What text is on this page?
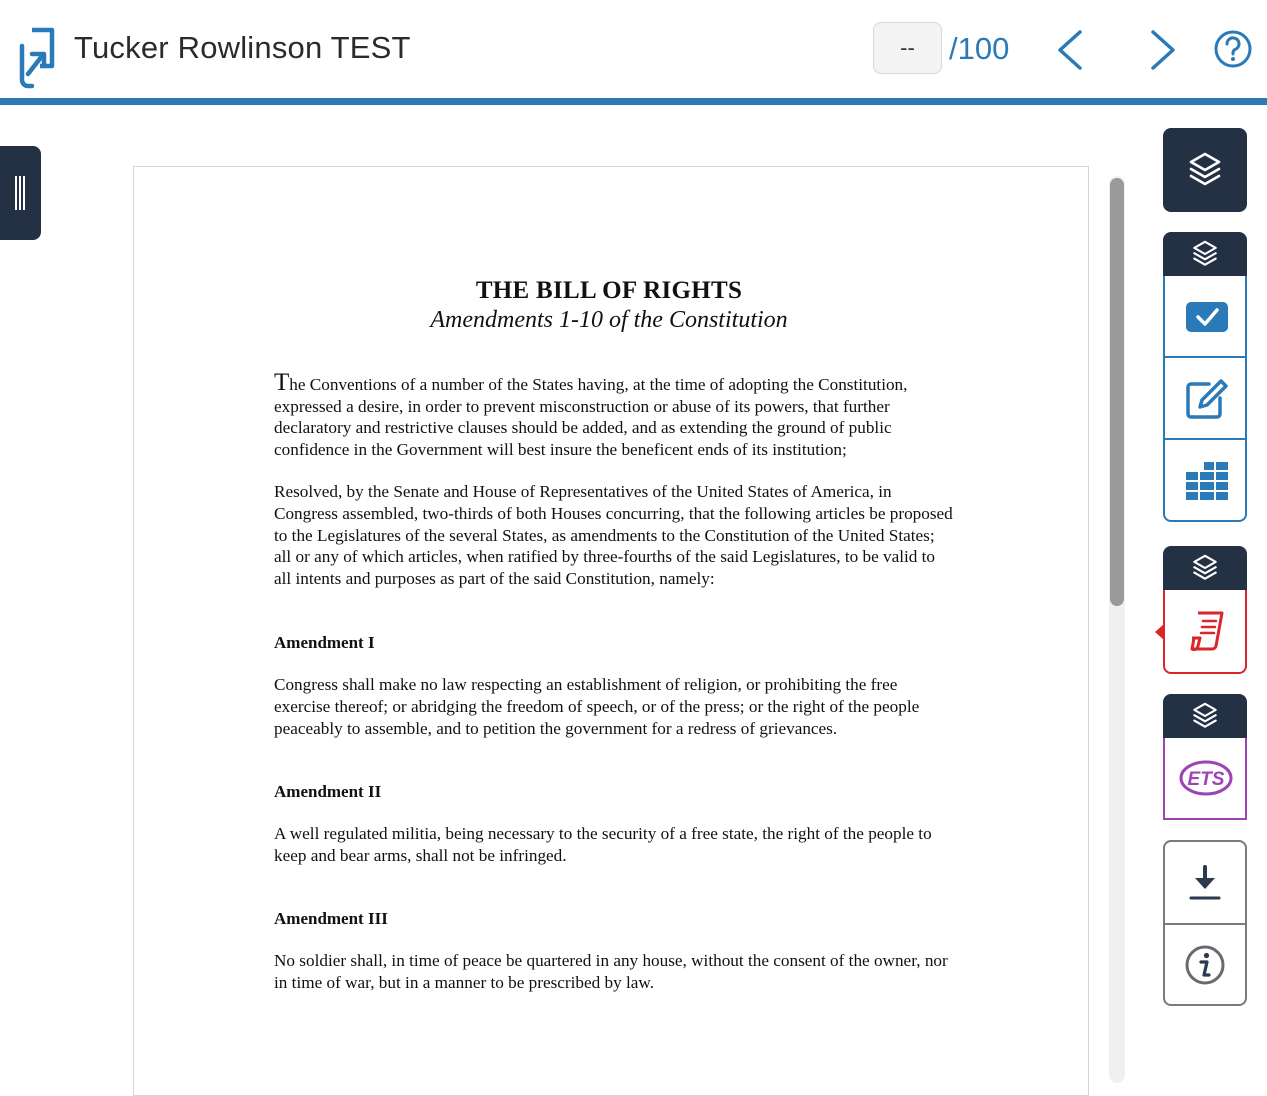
Tucker Rowlinson TEST	--	/100
THE BILL OF RIGHTS
Amendments 1-10 of the Constitution

The Conventions of a number of the States having, at the time of adopting the Constitution, expressed a desire, in order to prevent misconstruction or abuse of its powers, that further declaratory and restrictive clauses should be added, and as extending the ground of public confidence in the Government will best insure the beneficent ends of its institution;

Resolved, by the Senate and House of Representatives of the United States of America, in Congress assembled, two-thirds of both Houses concurring, that the following articles be proposed to the Legislatures of the several States, as amendments to the Constitution of the United States; all or any of which articles, when ratified by three-fourths of the said Legislatures, to be valid to all intents and purposes as part of the said Constitution, namely:

Amendment I

Congress shall make no law respecting an establishment of religion, or prohibiting the free exercise thereof; or abridging the freedom of speech, or of the press; or the right of the people peaceably to assemble, and to petition the government for a redress of grievances.

Amendment II

A well regulated militia, being necessary to the security of a free state, the right of the people to keep and bear arms, shall not be infringed.

Amendment III

No soldier shall, in time of peace be quartered in any house, without the consent of the owner, nor in time of war, but in a manner to be prescribed by law.

ETS
